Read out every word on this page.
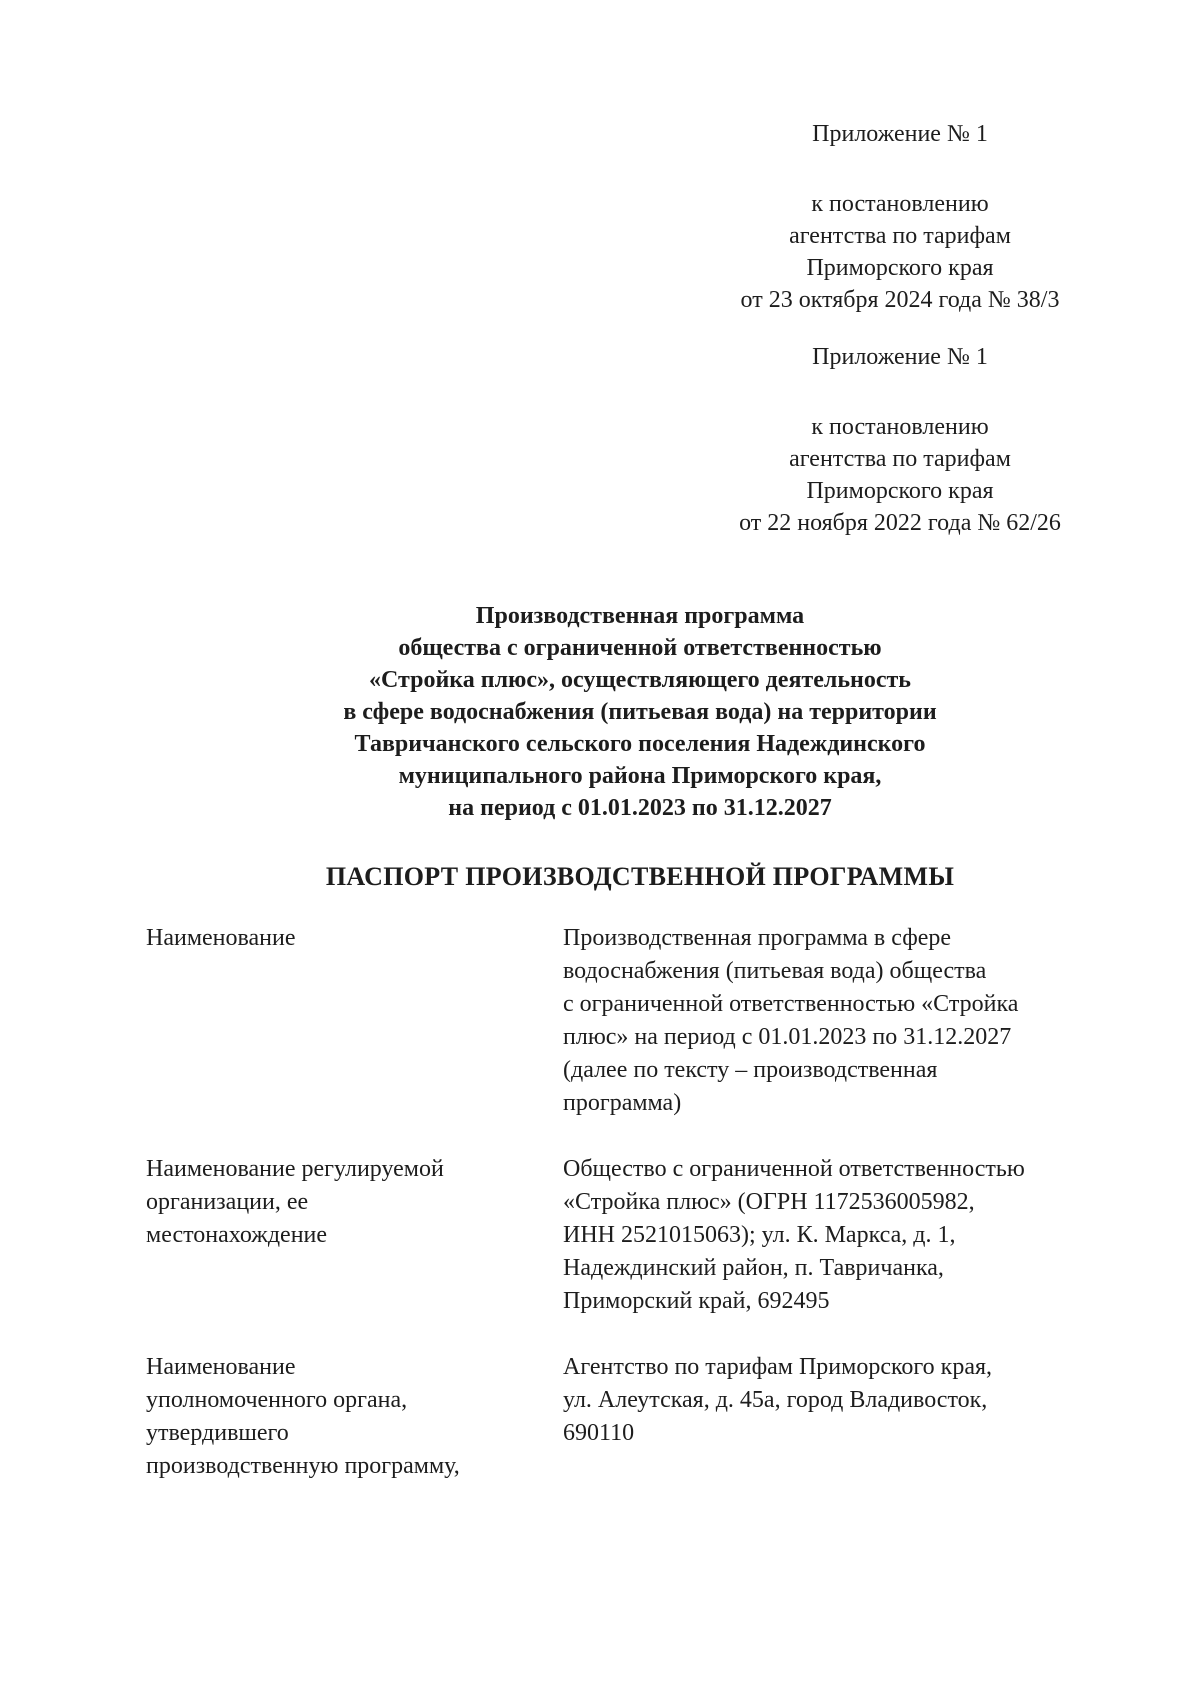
Приложение № 1
к постановлению
агентства по тарифам
Приморского края
от 23 октября 2024 года № 38/3
Приложение № 1
к постановлению
агентства по тарифам
Приморского края
от 22 ноября 2022 года № 62/26
Производственная программа
общества с ограниченной ответственностью
«Стройка плюс», осуществляющего деятельность
в сфере водоснабжения (питьевая вода) на территории
Тавричанского сельского поселения Надеждинского
муниципального района Приморского края,
на период с 01.01.2023 по 31.12.2027
ПАСПОРТ ПРОИЗВОДСТВЕННОЙ ПРОГРАММЫ
Наименование	Производственная программа в сфере
водоснабжения (питьевая вода) общества
с ограниченной ответственностью «Стройка
плюс» на период с 01.01.2023 по 31.12.2027
(далее по тексту – производственная
программа)
Наименование регулируемой
организации, ее
местонахождение
Общество с ограниченной ответственностью
«Стройка плюс» (ОГРН 1172536005982,
ИНН 2521015063); ул. К. Маркса, д. 1,
Надеждинский район, п. Тавричанка,
Приморский край, 692495
Наименование
уполномоченного органа,
утвердившего
производственную программу,
Агентство по тарифам Приморского края,
ул. Алеутская, д. 45а, город Владивосток,
690110
